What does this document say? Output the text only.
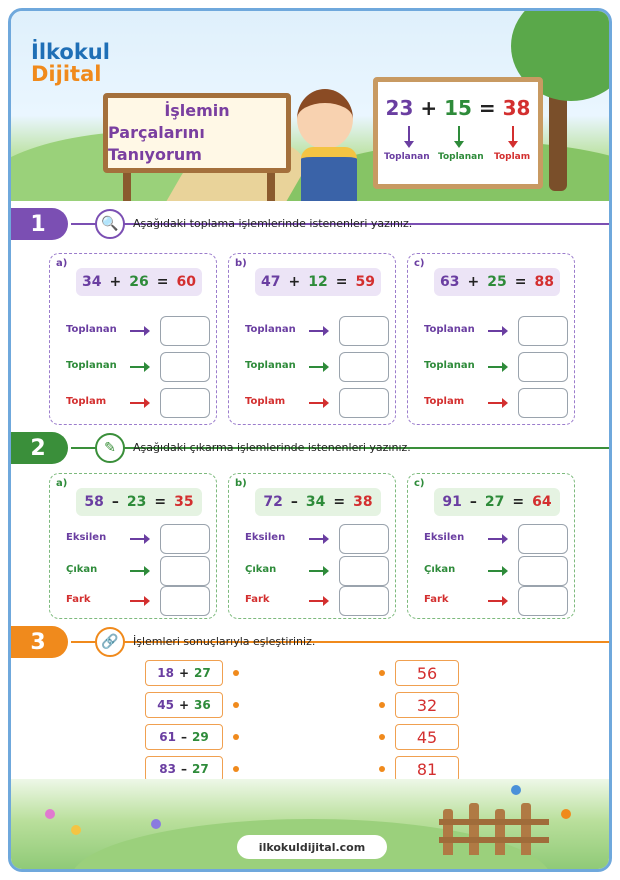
İlkokul
Dijital
İşlemin
Parçalarını Tanıyorum
23 + 15 = 38
Toplanan Toplanan Toplam
1	🔍	Aşağıdaki toplama işlemlerinde istenenleri yazınız.
a)
34 + 26 = 60
Toplanan
Toplanan
Toplam
b)
47 + 12 = 59
Toplanan
Toplanan
Toplam
c)
63 + 25 = 88
Toplanan
Toplanan
Toplam
2	✎	Aşağıdaki çıkarma işlemlerinde istenenleri yazınız.
a)
58 – 23 = 35
Eksilen
Çıkan
Fark
b)
72 – 34 = 38
Eksilen
Çıkan
Fark
c)
91 – 27 = 64
Eksilen
Çıkan
Fark
3	🔗	İşlemleri sonuçlarıyla eşleştiriniz.
18 + 27
45 + 36
61 – 29
83 – 27
56
32
45
81
ilkokuldijital.com
